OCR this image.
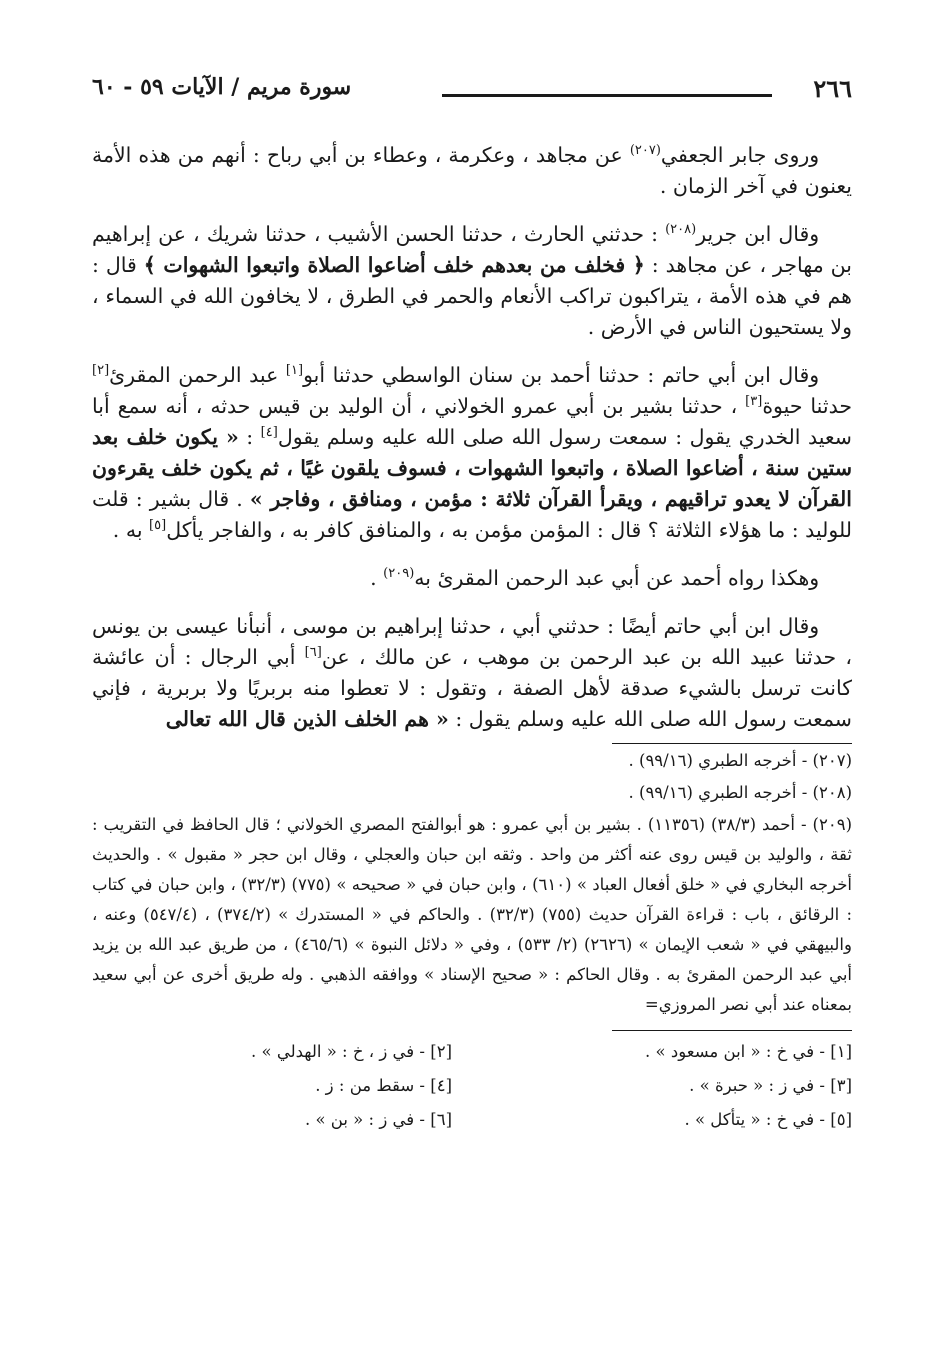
٢٦٦
سورة مريم / الآيات ٥٩ - ٦٠

وروى جابر الجعفي$^{(٢٠٧)}$ عن مجاهد ، وعكرمة ، وعطاء بن أبي رباح : أنهم من هذه الأمة يعنون في آخر الزمان .

وقال ابن جرير$^{(٢٠٨)}$ : حدثني الحارث ، حدثنا الحسن الأشيب ، حدثنا شريك ، عن إبراهيم بن مهاجر ، عن مجاهد : ﴿ فخلف من بعدهم خلف أضاعوا الصلاة واتبعوا الشهوات ﴾ قال : هم في هذه الأمة ، يتراكبون تراكب الأنعام والحمر في الطرق ، لا يخافون الله في السماء ، ولا يستحيون الناس في الأرض .

وقال ابن أبي حاتم : حدثنا أحمد بن سنان الواسطي حدثنا أبو[١] عبد الرحمن المقرئ[٢] حدثنا حيوة[٣] ، حدثنا بشير بن أبي عمرو الخولاني ، أن الوليد بن قيس حدثه ، أنه سمع أبا سعيد الخدري يقول : سمعت رسول الله صلى الله عليه وسلم يقول[٤] : « يكون خلف بعد ستين سنة ، أضاعوا الصلاة ، واتبعوا الشهوات ، فسوف يلقون غيًا ، ثم يكون خلف يقرءون القرآن لا يعدو تراقيهم ، ويقرأ القرآن ثلاثة : مؤمن ، ومنافق ، وفاجر » . قال بشير : قلت للوليد : ما هؤلاء الثلاثة ؟ قال : المؤمن مؤمن به ، والمنافق كافر به ، والفاجر يأكل[٥] به .

وهكذا رواه أحمد عن أبي عبد الرحمن المقرئ به$^{(٢٠٩)}$ .

وقال ابن أبي حاتم أيضًا : حدثني أبي ، حدثنا إبراهيم بن موسى ، أنبأنا عيسى بن يونس ، حدثنا عبيد الله بن عبد الرحمن بن موهب ، عن مالك ، عن[٦] أبي الرجال : أن عائشة كانت ترسل بالشيء صدقة لأهل الصفة ، وتقول : لا تعطوا منه بربريًا ولا بربرية ، فإني سمعت رسول الله صلى الله عليه وسلم يقول : « هم الخلف الذين قال الله تعالى

(٢٠٧) - أخرجه الطبري (٩٩/١٦) .

(٢٠٨) - أخرجه الطبري (٩٩/١٦) .

(٢٠٩) - أحمد (٣٨/٣) (١١٣٥٦) . بشير بن أبي عمرو : هو أبوالفتح المصري الخولاني ؛ قال الحافظ في التقريب : ثقة ، والوليد بن قيس روى عنه أكثر من واحد . وثقه ابن حبان والعجلي ، وقال ابن حجر « مقبول » . والحديث أخرجه البخاري في « خلق أفعال العباد » (٦١٠) ، وابن حبان في « صحيحه » (٧٧٥) (٣٢/٣) ، وابن حبان في كتاب : الرقائق ، باب : قراءة القرآن حديث (٧٥٥) (٣٢/٣) . والحاكم في « المستدرك » (٣٧٤/٢) ، (٥٤٧/٤) وعنه ، والبيهقي في « شعب الإيمان » (٢٦٢٦) (٢/ ٥٣٣) ، وفي « دلائل النبوة » (٤٦٥/٦) ، من طريق عبد الله بن يزيد أبي عبد الرحمن المقرئ به . وقال الحاكم : « صحيح الإسناد » ووافقه الذهبي . وله طريق أخرى عن أبي سعيد بمعناه عند أبي نصر المروزي=

[١] - في خ : « ابن مسعود » .
[٢] - في ز ، خ : « الهدلي » .
[٣] - في ز : « حبرة » .
[٤] - سقط من : ز .
[٥] - في خ : « يتأكل » .
[٦] - في ز : « بن » .
